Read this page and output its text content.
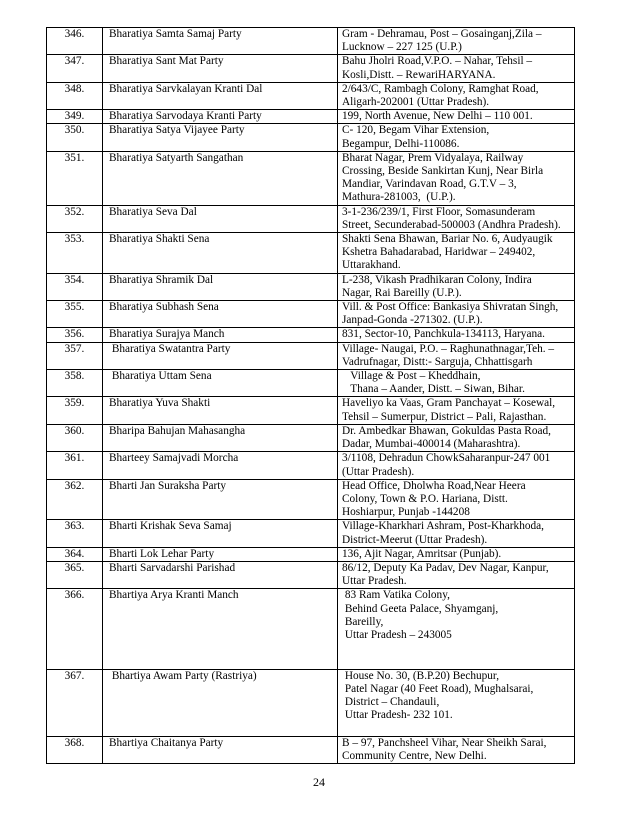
346.	Bharatiya Samta Samaj Party	Gram - Dehramau, Post – Gosainganj,Zila –
Lucknow – 227 125 (U.P.)

347.	Bharatiya Sant Mat Party	Bahu Jholri Road,V.P.O. – Nahar, Tehsil –
Kosli,Distt. – RewariHARYANA.

348.	Bharatiya Sarvkalayan Kranti Dal	2/643/C, Rambagh Colony, Ramghat Road,
Aligarh-202001 (Uttar Pradesh).

349.	Bharatiya Sarvodaya Kranti Party	199, North Avenue, New Delhi – 110 001.

350.	Bharatiya Satya Vijayee Party	C- 120, Begam Vihar Extension,
Begampur, Delhi-110086.

351.	Bharatiya Satyarth Sangathan	Bharat Nagar, Prem Vidyalaya, Railway
Crossing, Beside Sankirtan Kunj, Near Birla
Mandiar, Varindavan Road, G.T.V – 3,
Mathura-281003,  (U.P.).

352.	Bharatiya Seva Dal	3-1-236/239/1, First Floor, Somasunderam
Street, Secunderabad-500003 (Andhra Pradesh).

353.	Bharatiya Shakti Sena	Shakti Sena Bhawan, Bariar No. 6, Audyaugik
Kshetra Bahadarabad, Haridwar – 249402,
Uttarakhand.

354.	Bharatiya Shramik Dal	L-238, Vikash Pradhikaran Colony, Indira
Nagar, Rai Bareilly (U.P.).

355.	Bharatiya Subhash Sena	Vill. & Post Office: Bankasiya Shivratan Singh,
Janpad-Gonda -271302. (U.P.).

356.	Bharatiya Surajya Manch	831, Sector-10, Panchkula-134113, Haryana.

357.	Bharatiya Swatantra Party	Village- Naugai, P.O. – Raghunathnagar,Teh. –
Vadrufnagar, Distt:- Sarguja, Chhattisgarh

358.	Bharatiya Uttam Sena	Village & Post – Kheddhain,
Thana – Aander, Distt. – Siwan, Bihar.

359.	Bharatiya Yuva Shakti	Haveliyo ka Vaas, Gram Panchayat – Kosewal,
Tehsil – Sumerpur, District – Pali, Rajasthan.

360.	Bharipa Bahujan Mahasangha	Dr. Ambedkar Bhawan, Gokuldas Pasta Road,
Dadar, Mumbai-400014 (Maharashtra).

361.	Bharteey Samajvadi Morcha	3/1108, Dehradun ChowkSaharanpur-247 001
(Uttar Pradesh).

362.	Bharti Jan Suraksha Party	Head Office, Dholwha Road,Near Heera
Colony, Town & P.O. Hariana, Distt.
Hoshiarpur, Punjab -144208

363.	Bharti Krishak Seva Samaj	Village-Kharkhari Ashram, Post-Kharkhoda,
District-Meerut (Uttar Pradesh).

364.	Bharti Lok Lehar Party	136, Ajit Nagar, Amritsar (Punjab).

365.	Bharti Sarvadarshi Parishad	86/12, Deputy Ka Padav, Dev Nagar, Kanpur,
Uttar Pradesh.

366.	Bhartiya Arya Kranti Manch	83 Ram Vatika Colony,
Behind Geeta Palace, Shyamganj,
Bareilly,
Uttar Pradesh – 243005

367.	Bhartiya Awam Party (Rastriya)	House No. 30, (B.P.20) Bechupur,
Patel Nagar (40 Feet Road), Mughalsarai,
District – Chandauli,
Uttar Pradesh- 232 101.

368.	Bhartiya Chaitanya Party	B – 97, Panchsheel Vihar, Near Sheikh Sarai,
Community Centre, New Delhi.
24
